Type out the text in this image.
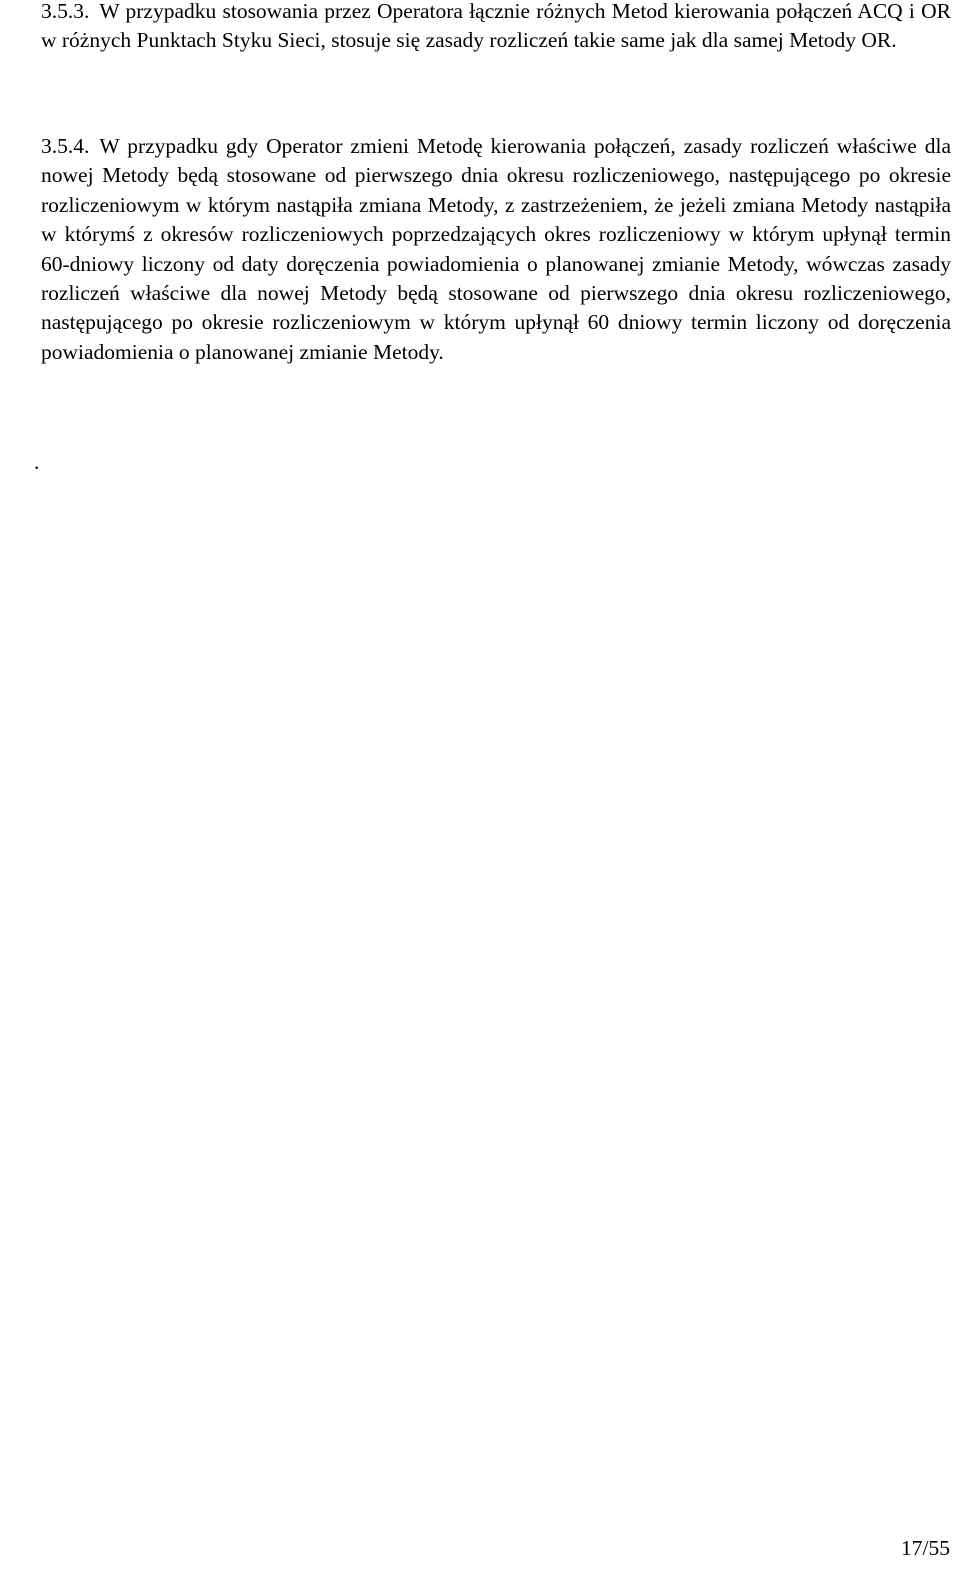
3.5.3. W przypadku stosowania przez Operatora łącznie różnych Metod kierowania połączeń ACQ i OR w różnych Punktach Styku Sieci, stosuje się zasady rozliczeń takie same jak dla samej Metody OR.

3.5.4. W przypadku gdy Operator zmieni Metodę kierowania połączeń, zasady rozliczeń właściwe dla nowej Metody będą stosowane od pierwszego dnia okresu rozliczeniowego, następującego po okresie rozliczeniowym w którym nastąpiła zmiana Metody, z zastrzeżeniem, że jeżeli zmiana Metody nastąpiła w którymś z okresów rozliczeniowych poprzedzających okres rozliczeniowy w którym upłynął termin 60-dniowy liczony od daty doręczenia powiadomienia o planowanej zmianie Metody, wówczas zasady rozliczeń właściwe dla nowej Metody będą stosowane od pierwszego dnia okresu rozliczeniowego, następującego po okresie rozliczeniowym w którym upłynął 60 dniowy termin liczony od doręczenia powiadomienia o planowanej zmianie Metody.

.
17/55
